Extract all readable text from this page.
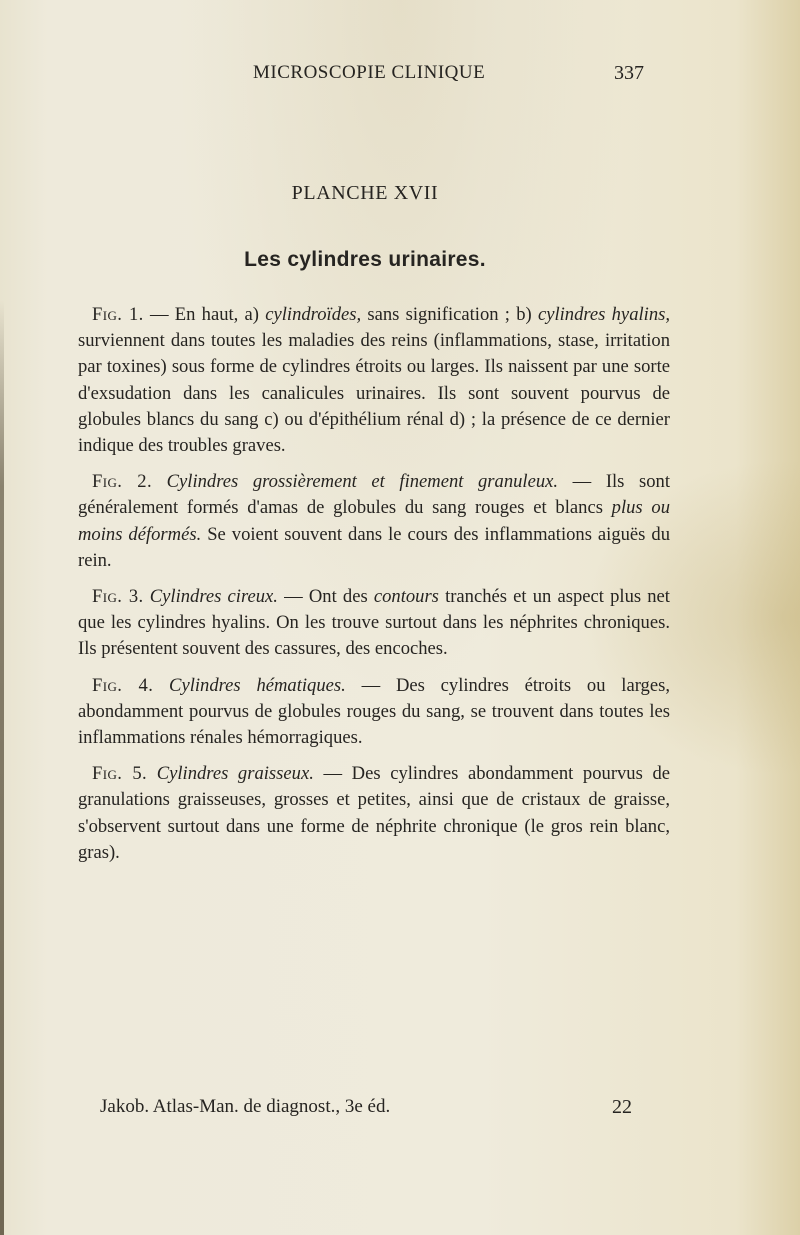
MICROSCOPIE CLINIQUE	337
PLANCHE XVII
Les cylindres urinaires.

Fig. 1. — En haut, a) cylindroïdes, sans signification ; b) cylindres hyalins, surviennent dans toutes les maladies des reins (inflammations, stase, irritation par toxines) sous forme de cylindres étroits ou larges. Ils naissent par une sorte d'exsudation dans les canalicules urinaires. Ils sont souvent pourvus de globules blancs du sang c) ou d'épithélium rénal d) ; la présence de ce dernier indique des troubles graves.

Fig. 2. Cylindres grossièrement et finement granuleux. — Ils sont généralement formés d'amas de globules du sang rouges et blancs plus ou moins déformés. Se voient souvent dans le cours des inflammations aiguës du rein.

Fig. 3. Cylindres cireux. — Ont des contours tranchés et un aspect plus net que les cylindres hyalins. On les trouve surtout dans les néphrites chroniques. Ils présentent souvent des cassures, des encoches.

Fig. 4. Cylindres hématiques. — Des cylindres étroits ou larges, abondamment pourvus de globules rouges du sang, se trouvent dans toutes les inflammations rénales hémorragiques.

Fig. 5. Cylindres graisseux. — Des cylindres abondamment pourvus de granulations graisseuses, grosses et petites, ainsi que de cristaux de graisse, s'observent surtout dans une forme de néphrite chronique (le gros rein blanc, gras).

Jakob. Atlas-Man. de diagnost., 3e éd.	22
